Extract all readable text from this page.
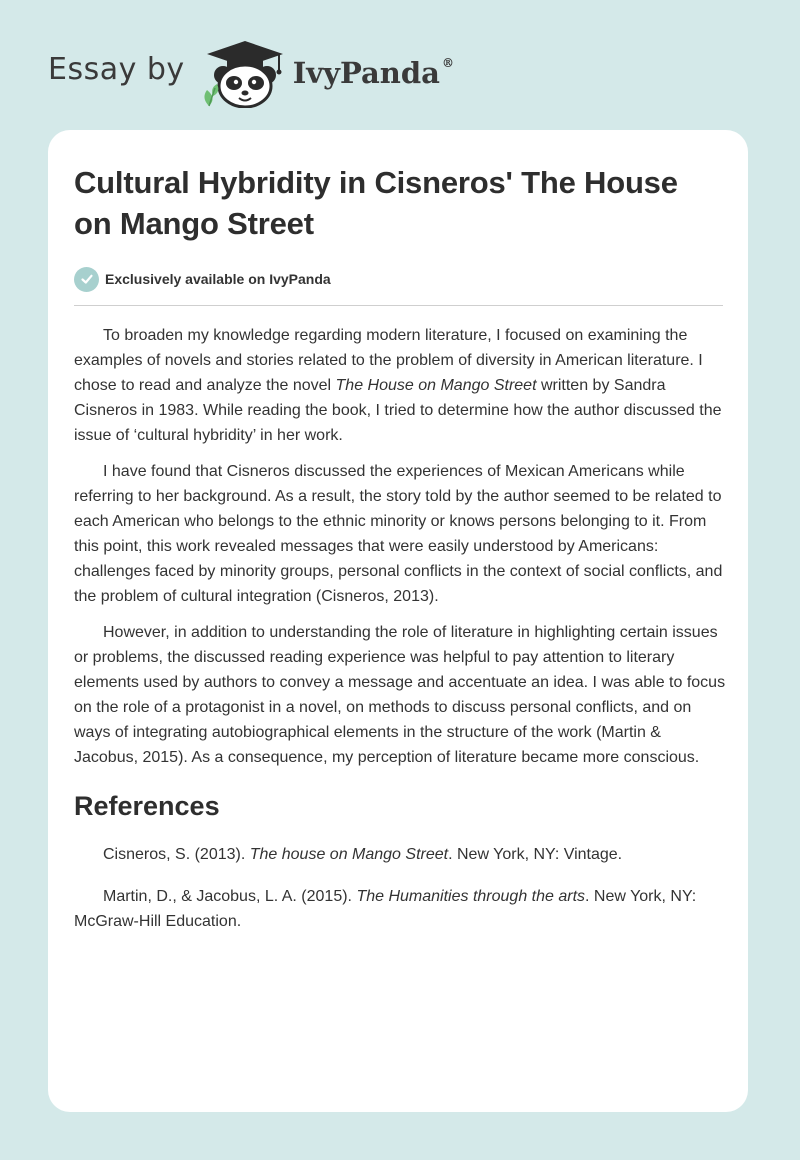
Essay by	IvyPanda ®
Cultural Hybridity in Cisneros' The House on Mango Street
Exclusively available on IvyPanda

To broaden my knowledge regarding modern literature, I focused on examining the examples of novels and stories related to the problem of diversity in American literature. I chose to read and analyze the novel The House on Mango Street written by Sandra Cisneros in 1983. While reading the book, I tried to determine how the author discussed the issue of ‘cultural hybridity’ in her work.

I have found that Cisneros discussed the experiences of Mexican Americans while referring to her background. As a result, the story told by the author seemed to be related to each American who belongs to the ethnic minority or knows persons belonging to it. From this point, this work revealed messages that were easily understood by Americans: challenges faced by minority groups, personal conflicts in the context of social conflicts, and the problem of cultural integration (Cisneros, 2013).

However, in addition to understanding the role of literature in highlighting certain issues or problems, the discussed reading experience was helpful to pay attention to literary elements used by authors to convey a message and accentuate an idea. I was able to focus on the role of a protagonist in a novel, on methods to discuss personal conflicts, and on ways of integrating autobiographical elements in the structure of the work (Martin & Jacobus, 2015). As a consequence, my perception of literature became more conscious.

References

Cisneros, S. (2013). The house on Mango Street. New York, NY: Vintage.

Martin, D., & Jacobus, L. A. (2015). The Humanities through the arts. New York, NY: McGraw-Hill Education.
